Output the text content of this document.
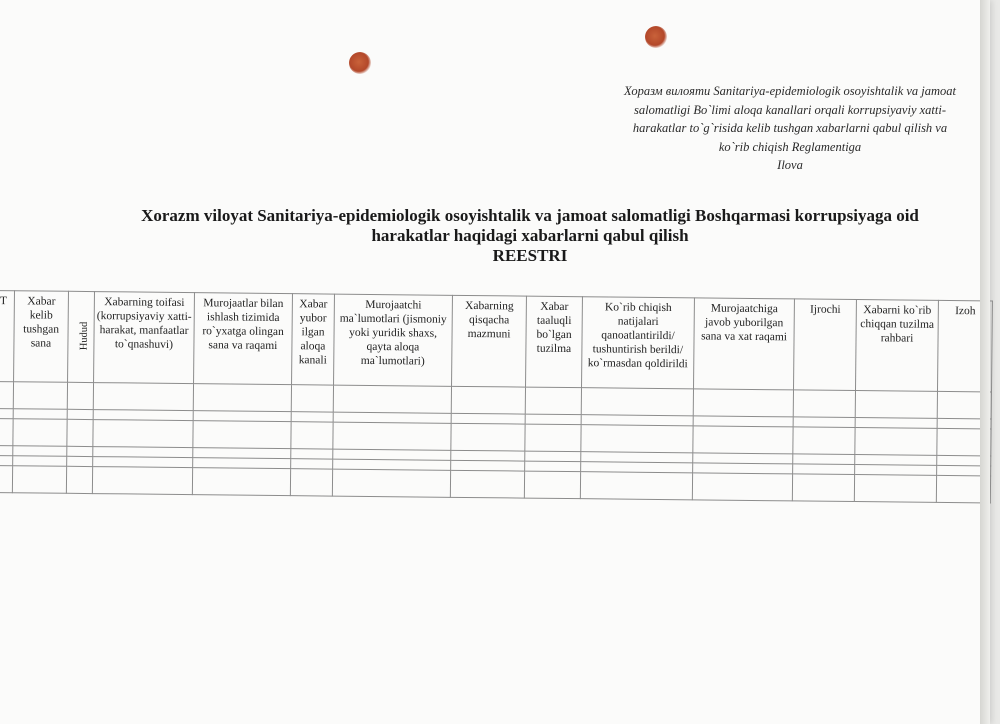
Хоразм вилояти Sanitariya-epidemiologik osoyishtalik va jamoat
salomatligi Bo`limi aloqa kanallari orqali korrupsiyaviy xatti-
harakatlar to`g`risida kelib tushgan xabarlarni qabul qilish va
ko`rib chiqish Reglamentiga
Ilova
Xorazm viloyat Sanitariya-epidemiologik osoyishtalik va jamoat salomatligi Boshqarmasi korrupsiyaga oid
harakatlar haqidagi xabarlarni qabul qilish
REESTRI
T	Xabar kelib tushgan sana	Hudud	Xabarning toifasi (korrupsiyaviy xatti-harakat, manfaatlar to`qnashuvi)	Murojaatlar bilan ishlash tizimida ro`yxatga olingan sana va raqami	Xabar yubor ilgan aloqa kanali	Murojaatchi ma`lumotlari (jismoniy yoki yuridik shaxs, qayta aloqa ma`lumotlari)	Xabarning qisqacha mazmuni	Xabar taaluqli bo`lgan tuzilma	Ko`rib chiqish natijalari qanoatlantirildi/ tushuntirish berildi/ ko`rmasdan qoldirildi	Murojaatchiga javob yuborilgan sana va xat raqami	Ijrochi	Xabarni ko`rib chiqqan tuzilma rahbari	Izoh
